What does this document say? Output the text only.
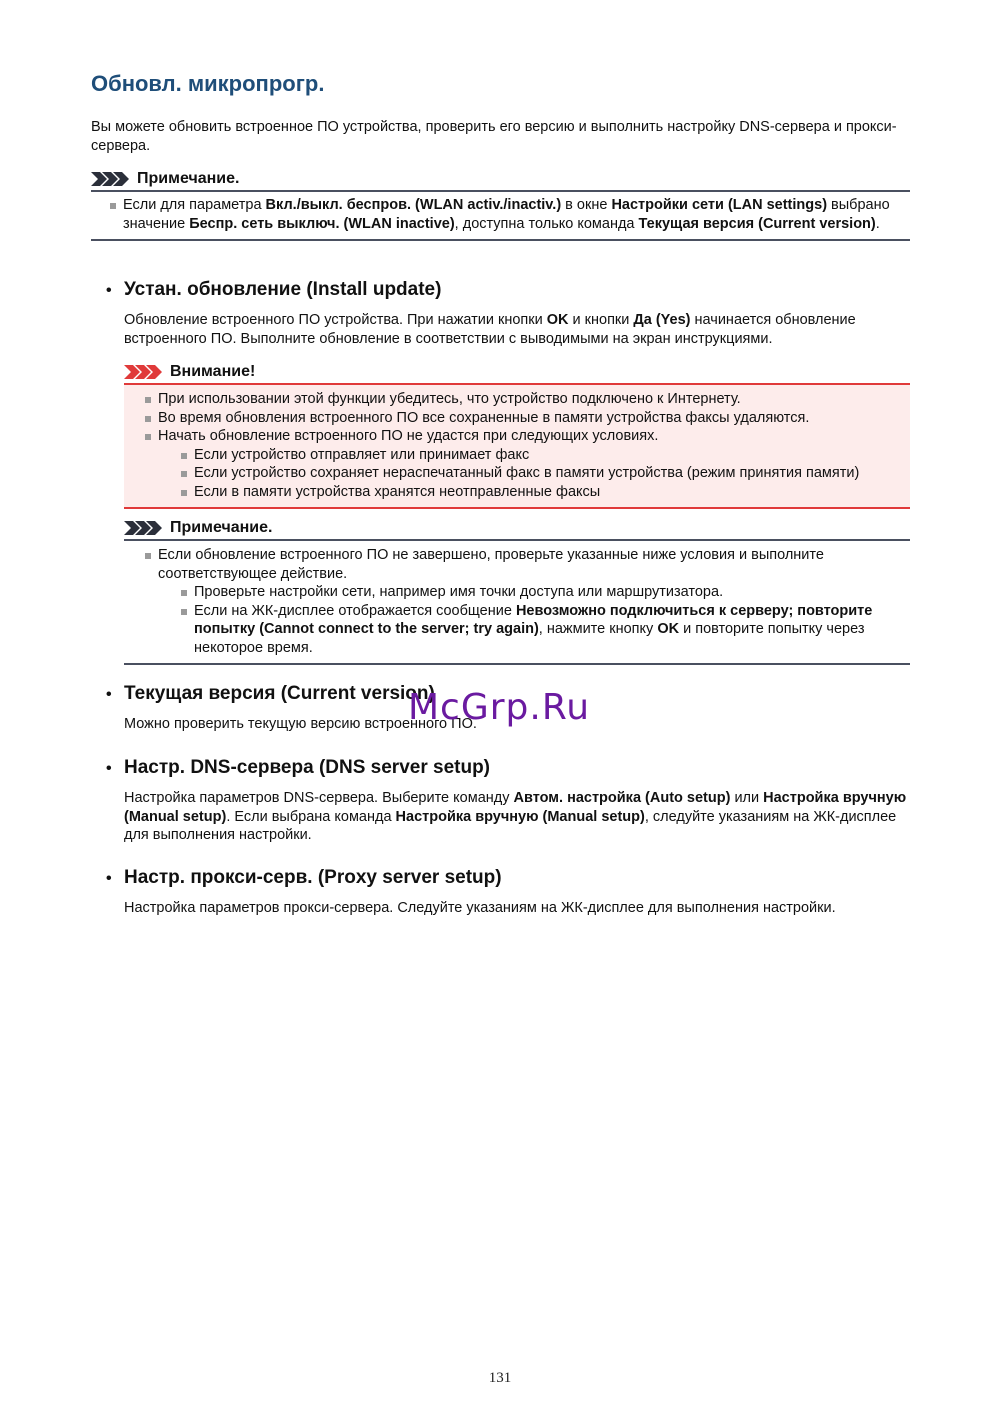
Обновл. микропрогр.

Вы можете обновить встроенное ПО устройства, проверить его версию и выполнить настройку DNS-сервера и прокси-сервера.

Примечание.
Если для параметра Вкл./выкл. беспров. (WLAN activ./inactiv.) в окне Настройки сети (LAN settings) выбрано значение Беспр. сеть выключ. (WLAN inactive), доступна только команда Текущая версия (Current version).
• Устан. обновление (Install update)

Обновление встроенного ПО устройства. При нажатии кнопки OK и кнопки Да (Yes) начинается обновление встроенного ПО. Выполните обновление в соответствии с выводимыми на экран инструкциями.

Внимание!
При использовании этой функции убедитесь, что устройство подключено к Интернету.
Во время обновления встроенного ПО все сохраненные в памяти устройства факсы удаляются.
Начать обновление встроенного ПО не удастся при следующих условиях.
Если устройство отправляет или принимает факс
Если устройство сохраняет нераспечатанный факс в памяти устройства (режим принятия памяти)
Если в памяти устройства хранятся неотправленные факсы
Примечание.
Если обновление встроенного ПО не завершено, проверьте указанные ниже условия и выполните соответствующее действие.
Проверьте настройки сети, например имя точки доступа или маршрутизатора.
Если на ЖК-дисплее отображается сообщение Невозможно подключиться к серверу; повторите попытку (Cannot connect to the server; try again), нажмите кнопку OK и повторите попытку через некоторое время.
• Текущая версия (Current version)

Можно проверить текущую версию встроенного ПО.

• Настр. DNS-сервера (DNS server setup)

Настройка параметров DNS-сервера. Выберите команду Автом. настройка (Auto setup) или Настройка вручную (Manual setup). Если выбрана команда Настройка вручную (Manual setup), следуйте указаниям на ЖК-дисплее для выполнения настройки.

• Настр. прокси-серв. (Proxy server setup)

Настройка параметров прокси-сервера. Следуйте указаниям на ЖК-дисплее для выполнения настройки.

McGrp.Ru
131
